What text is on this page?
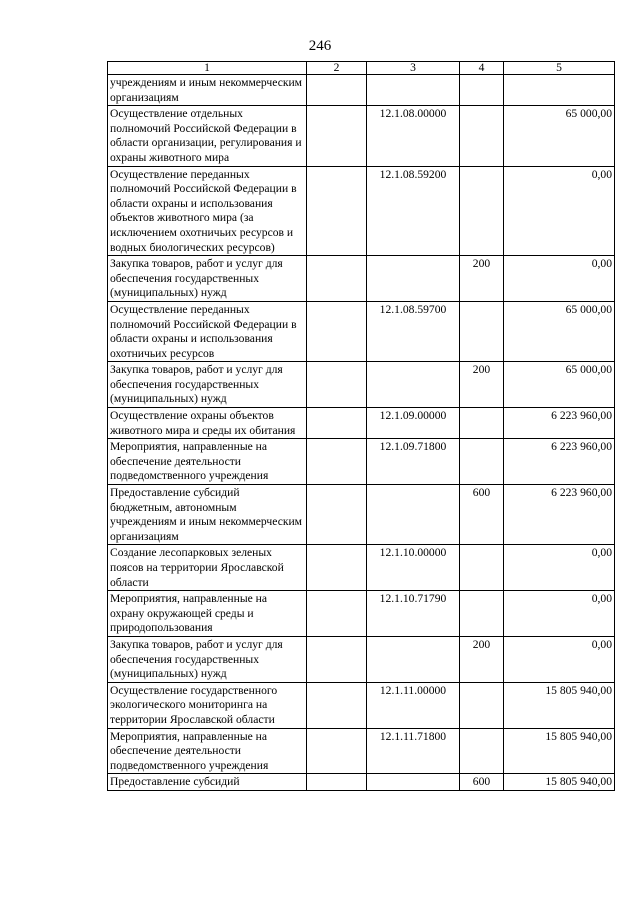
246
1	2	3	4	5
учреждениям и иным некоммерческим организациям				
Осуществление отдельных полномочий Российской Федерации в области организации, регулирования и охраны животного мира		12.1.08.00000		65 000,00
Осуществление переданных полномочий Российской Федерации в области охраны и использования объектов животного мира (за исключением охотничьих ресурсов и водных биологических ресурсов)		12.1.08.59200		0,00
Закупка товаров, работ и услуг для обеспечения государственных (муниципальных) нужд			200	0,00
Осуществление переданных полномочий Российской Федерации в области охраны и использования охотничьих ресурсов		12.1.08.59700		65 000,00
Закупка товаров, работ и услуг для обеспечения государственных (муниципальных) нужд			200	65 000,00
Осуществление охраны объектов животного мира и среды их обитания		12.1.09.00000		6 223 960,00
Мероприятия, направленные на обеспечение деятельности подведомственного учреждения		12.1.09.71800		6 223 960,00
Предоставление субсидий бюджетным, автономным учреждениям и иным некоммерческим организациям			600	6 223 960,00
Создание лесопарковых зеленых поясов на территории Ярославской области		12.1.10.00000		0,00
Мероприятия, направленные на охрану окружающей среды и природопользования		12.1.10.71790		0,00
Закупка товаров, работ и услуг для обеспечения государственных (муниципальных) нужд			200	0,00
Осуществление государственного экологического мониторинга на территории Ярославской области		12.1.11.00000		15 805 940,00
Мероприятия, направленные на обеспечение деятельности подведомственного учреждения		12.1.11.71800		15 805 940,00
Предоставление субсидий			600	15 805 940,00
